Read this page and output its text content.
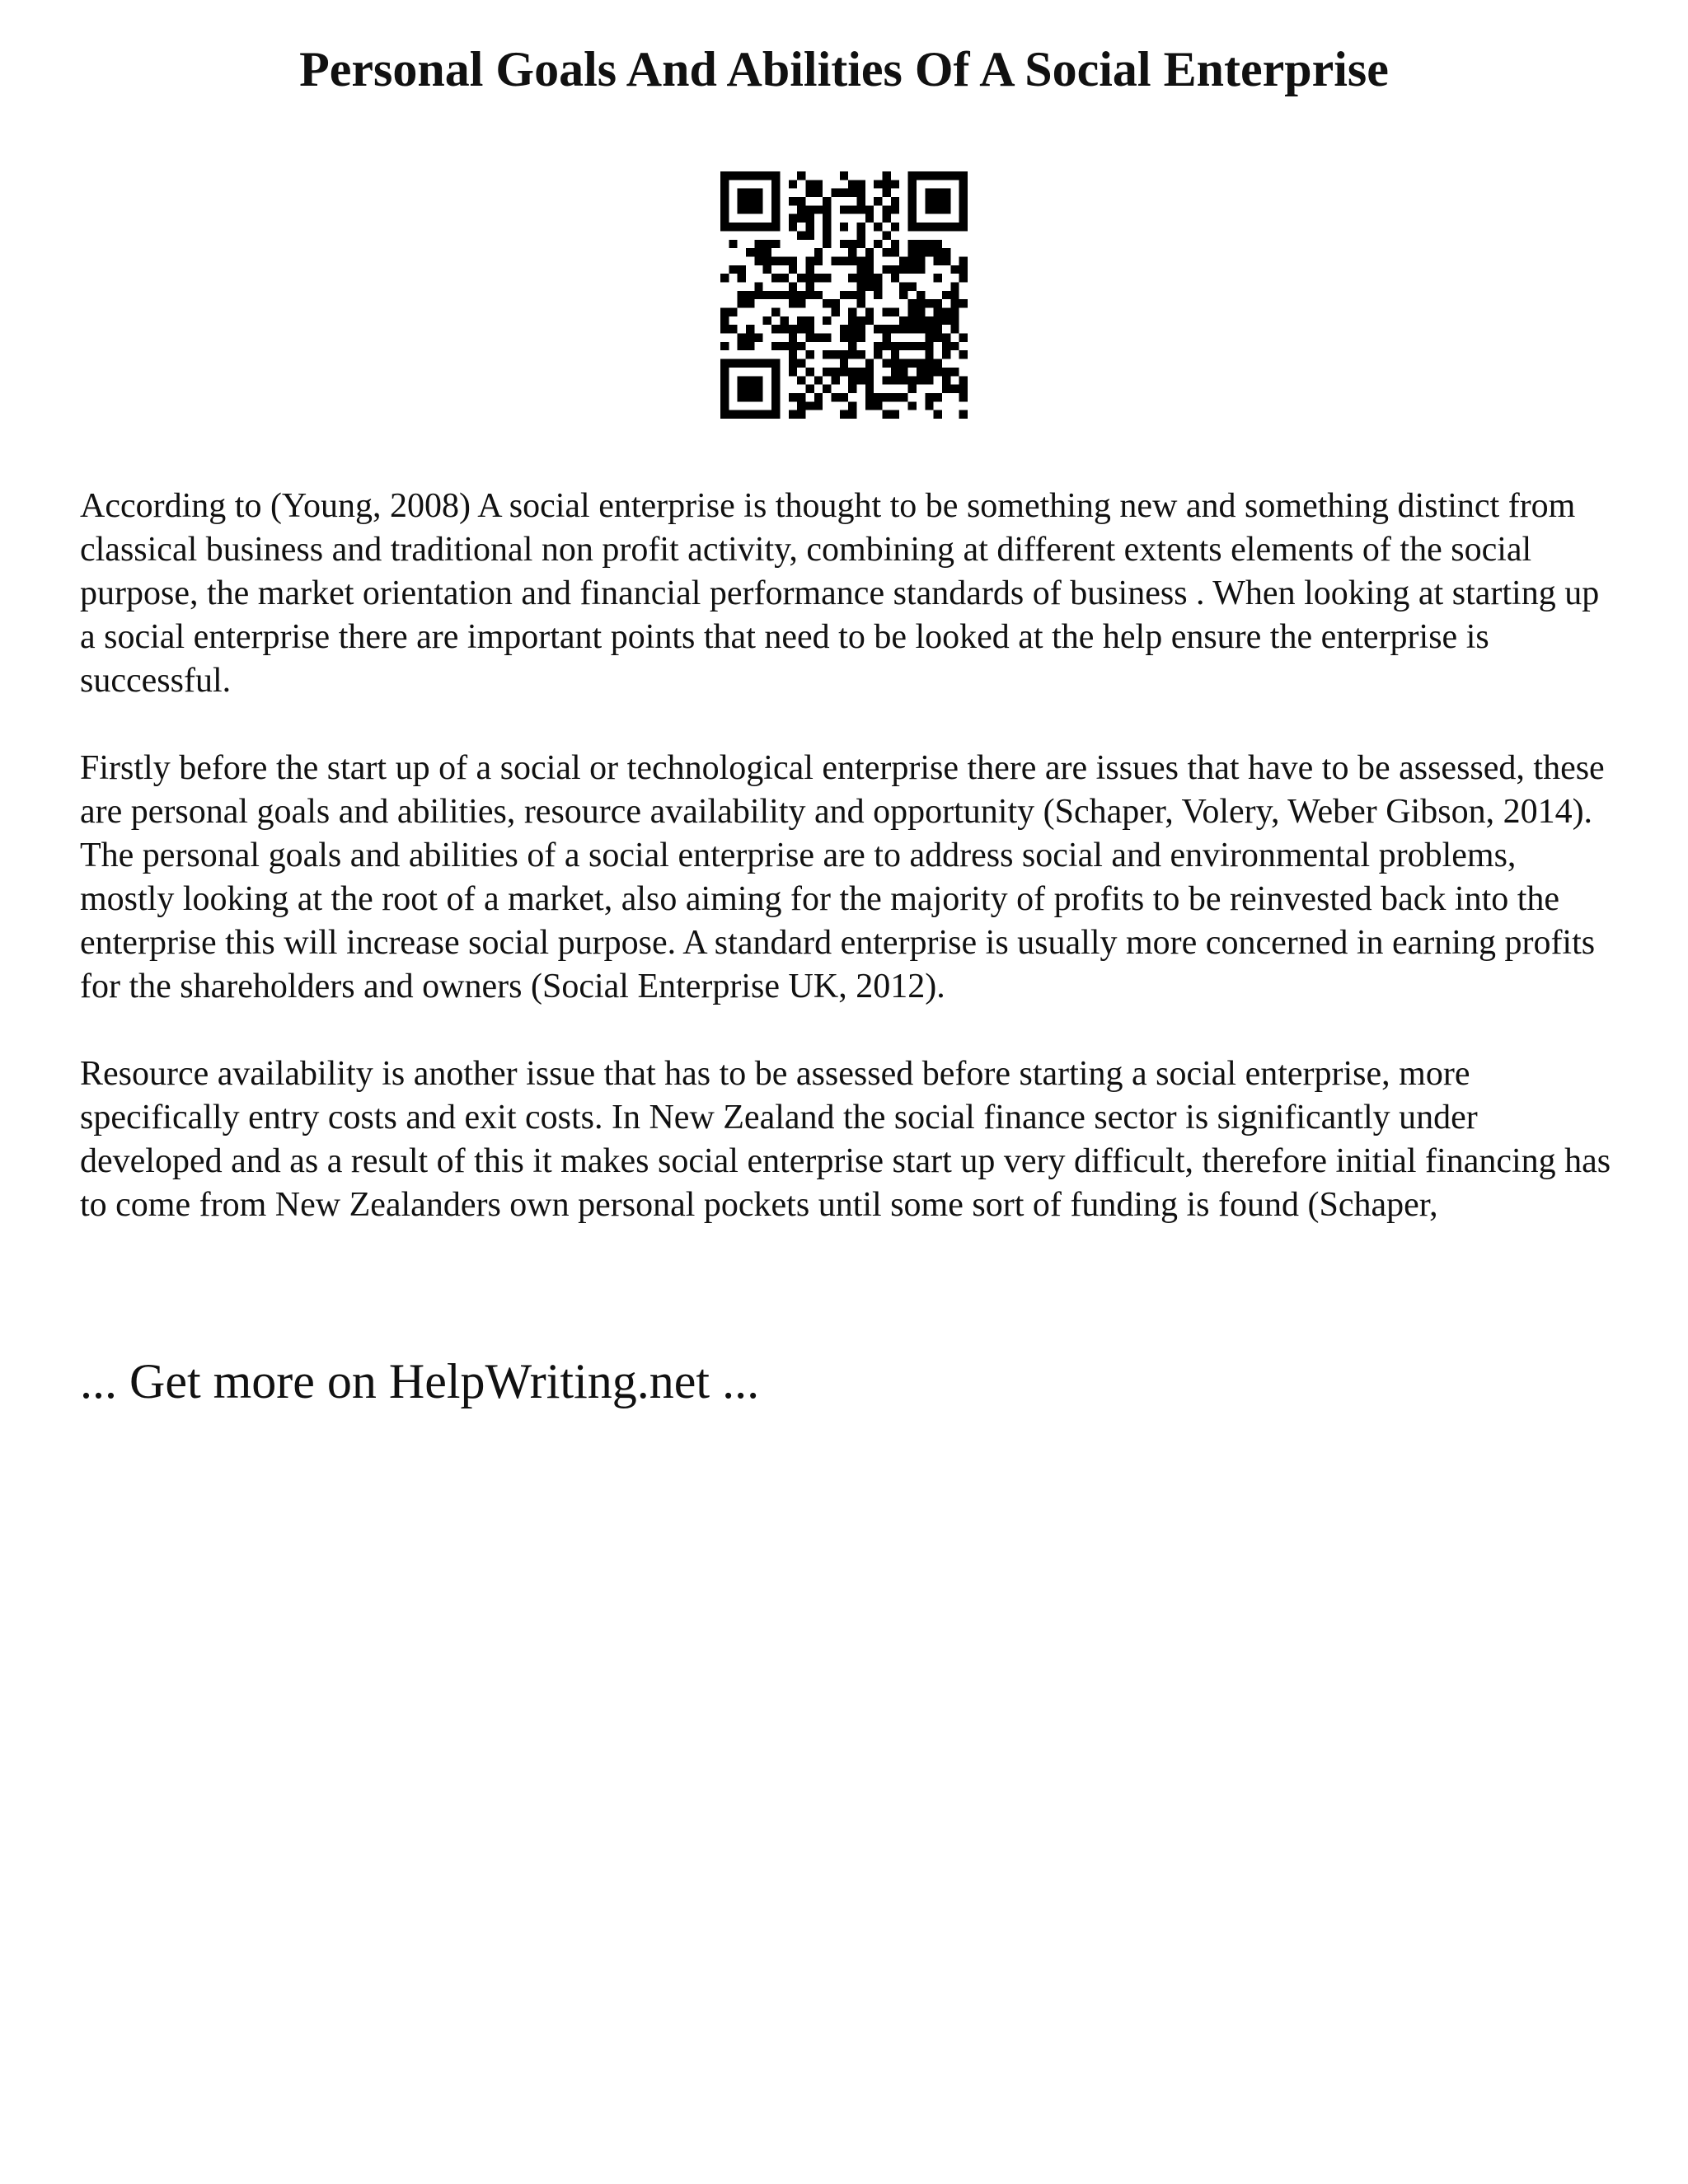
Personal Goals And Abilities Of A Social Enterprise

According to (Young, 2008) A social enterprise is thought to be something new and something distinct from classical business and traditional non profit activity, combining at different extents elements of the social purpose, the market orientation and financial performance standards of business . When looking at starting up a social enterprise there are important points that need to be looked at the help ensure the enterprise is successful.

Firstly before the start up of a social or technological enterprise there are issues that have to be assessed, these are personal goals and abilities, resource availability and opportunity (Schaper, Volery, Weber Gibson, 2014). The personal goals and abilities of a social enterprise are to address social and environmental problems, mostly looking at the root of a market, also aiming for the majority of profits to be reinvested back into the enterprise this will increase social purpose. A standard enterprise is usually more concerned in earning profits for the shareholders and owners (Social Enterprise UK, 2012).

Resource availability is another issue that has to be assessed before starting a social enterprise, more specifically entry costs and exit costs. In New Zealand the social finance sector is significantly under developed and as a result of this it makes social enterprise start up very difficult, therefore initial financing has to come from New Zealanders own personal pockets until some sort of funding is found (Schaper,

... Get more on HelpWriting.net ...
